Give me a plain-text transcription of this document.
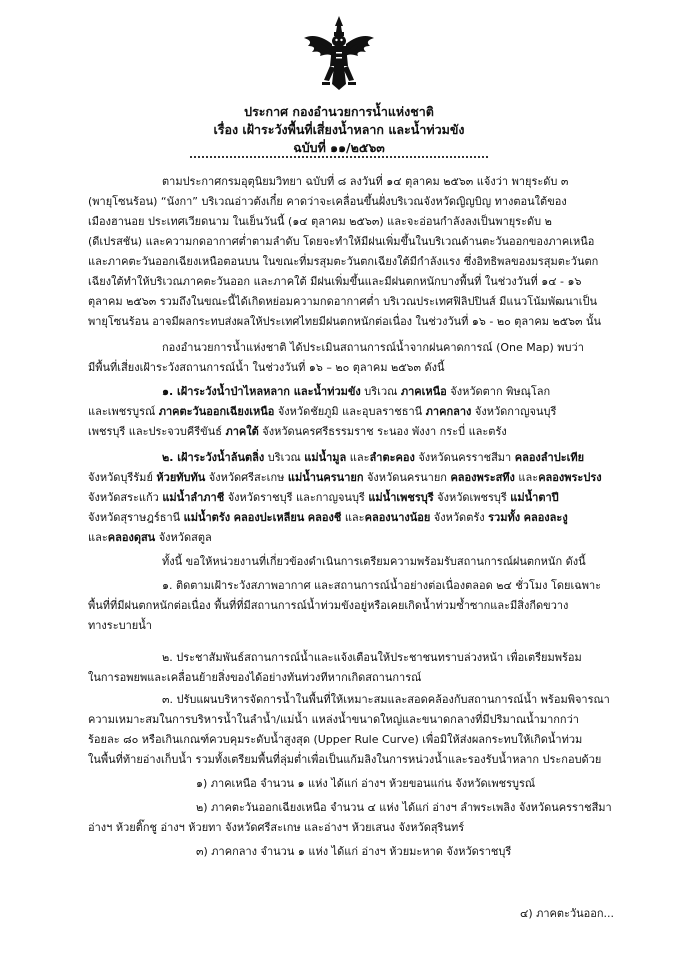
ประกาศ กองอำนวยการน้ำแห่งชาติ
เรื่อง เฝ้าระวังพื้นที่เสี่ยงน้ำหลาก และน้ำท่วมขัง
ฉบับที่ ๑๑/๒๕๖๓
ตามประกาศกรมอุตุนิยมวิทยา ฉบับที่ ๘ ลงวันที่ ๑๔ ตุลาคม ๒๕๖๓ แจ้งว่า พายุระดับ ๓
(พายุโซนร้อน) “นังกา” บริเวณอ่าวตังเกี๋ย คาดว่าจะเคลื่อนขึ้นฝั่งบริเวณจังหวัดญิญบิญ ทางตอนใต้ของ
เมืองฮานอย ประเทศเวียดนาม ในเย็นวันนี้ (๑๔ ตุลาคม ๒๕๖๓) และจะอ่อนกำลังลงเป็นพายุระดับ ๒
(ดีเปรสชัน) และความกดอากาศต่ำตามลำดับ โดยจะทำให้มีฝนเพิ่มขึ้นในบริเวณด้านตะวันออกของภาคเหนือ
และภาคตะวันออกเฉียงเหนือตอนบน ในขณะที่มรสุมตะวันตกเฉียงใต้มีกำลังแรง ซึ่งอิทธิพลของมรสุมตะวันตก
เฉียงใต้ทำให้บริเวณภาคตะวันออก และภาคใต้ มีฝนเพิ่มขึ้นและมีฝนตกหนักบางพื้นที่ ในช่วงวันที่ ๑๔ - ๑๖
ตุลาคม ๒๕๖๓ รวมถึงในขณะนี้ได้เกิดหย่อมความกดอากาศต่ำ บริเวณประเทศฟิลิปปินส์ มีแนวโน้มพัฒนาเป็น
พายุโซนร้อน อาจมีผลกระทบส่งผลให้ประเทศไทยมีฝนตกหนักต่อเนื่อง ในช่วงวันที่ ๑๖ - ๒๐ ตุลาคม ๒๕๖๓ นั้น
กองอำนวยการน้ำแห่งชาติ ได้ประเมินสถานการณ์น้ำจากฝนคาดการณ์ (One Map) พบว่า
มีพื้นที่เสี่ยงเฝ้าระวังสถานการณ์น้ำ ในช่วงวันที่ ๑๖ – ๒๐ ตุลาคม ๒๕๖๓ ดังนี้
๑. เฝ้าระวังน้ำป่าไหลหลาก และน้ำท่วมขัง บริเวณ ภาคเหนือ จังหวัดตาก พิษณุโลก
และเพชรบูรณ์ ภาคตะวันออกเฉียงเหนือ จังหวัดชัยภูมิ และอุบลราชธานี ภาคกลาง จังหวัดกาญจนบุรี
เพชรบุรี และประจวบคีรีขันธ์ ภาคใต้ จังหวัดนครศรีธรรมราช ระนอง พังงา กระบี่ และตรัง
๒. เฝ้าระวังน้ำล้นตลิ่ง บริเวณ แม่น้ำมูล และลำตะคอง จังหวัดนครราชสีมา คลองลำปะเทีย
จังหวัดบุรีรัมย์ ห้วยทับทัน จังหวัดศรีสะเกษ แม่น้ำนครนายก จังหวัดนครนายก คลองพระสทึง และคลองพระปรง
จังหวัดสระแก้ว แม่น้ำลำภาชี จังหวัดราชบุรี และกาญจนบุรี แม่น้ำเพชรบุรี จังหวัดเพชรบุรี แม่น้ำตาปี
จังหวัดสุราษฎร์ธานี แม่น้ำตรัง คลองปะเหลียน คลองชี และคลองนางน้อย จังหวัดตรัง รวมทั้ง คลองละงู
และคลองดุสน จังหวัดสตูล
ทั้งนี้ ขอให้หน่วยงานที่เกี่ยวข้องดำเนินการเตรียมความพร้อมรับสถานการณ์ฝนตกหนัก ดังนี้
๑. ติดตามเฝ้าระวังสภาพอากาศ และสถานการณ์น้ำอย่างต่อเนื่องตลอด ๒๔ ชั่วโมง โดยเฉพาะ
พื้นที่ที่มีฝนตกหนักต่อเนื่อง พื้นที่ที่มีสถานการณ์น้ำท่วมขังอยู่หรือเคยเกิดน้ำท่วมซ้ำซากและมีสิ่งกีดขวาง
ทางระบายน้ำ
๒. ประชาสัมพันธ์สถานการณ์น้ำและแจ้งเตือนให้ประชาชนทราบล่วงหน้า เพื่อเตรียมพร้อม
ในการอพยพและเคลื่อนย้ายสิ่งของได้อย่างทันท่วงทีหากเกิดสถานการณ์
๓. ปรับแผนบริหารจัดการน้ำในพื้นที่ให้เหมาะสมและสอดคล้องกับสถานการณ์น้ำ พร้อมพิจารณา
ความเหมาะสมในการบริหารน้ำในลำน้ำ/แม่น้ำ แหล่งน้ำขนาดใหญ่และขนาดกลางที่มีปริมาณน้ำมากกว่า
ร้อยละ ๘๐ หรือเกินเกณฑ์ควบคุมระดับน้ำสูงสุด (Upper Rule Curve) เพื่อมิให้ส่งผลกระทบให้เกิดน้ำท่วม
ในพื้นที่ท้ายอ่างเก็บน้ำ รวมทั้งเตรียมพื้นที่ลุ่มต่ำเพื่อเป็นแก้มลิงในการหน่วงน้ำและรองรับน้ำหลาก ประกอบด้วย
๑) ภาคเหนือ จำนวน ๑ แห่ง ได้แก่ อ่างฯ ห้วยขอนแก่น จังหวัดเพชรบูรณ์
๒) ภาคตะวันออกเฉียงเหนือ จำนวน ๔ แห่ง ได้แก่ อ่างฯ ลำพระเพลิง จังหวัดนครราชสีมา
อ่างฯ ห้วยติ๊กชู อ่างฯ ห้วยทา จังหวัดศรีสะเกษ และอ่างฯ ห้วยเสนง จังหวัดสุรินทร์
๓) ภาคกลาง จำนวน ๑ แห่ง ได้แก่ อ่างฯ ห้วยมะหาด จังหวัดราชบุรี
๔) ภาคตะวันออก...
